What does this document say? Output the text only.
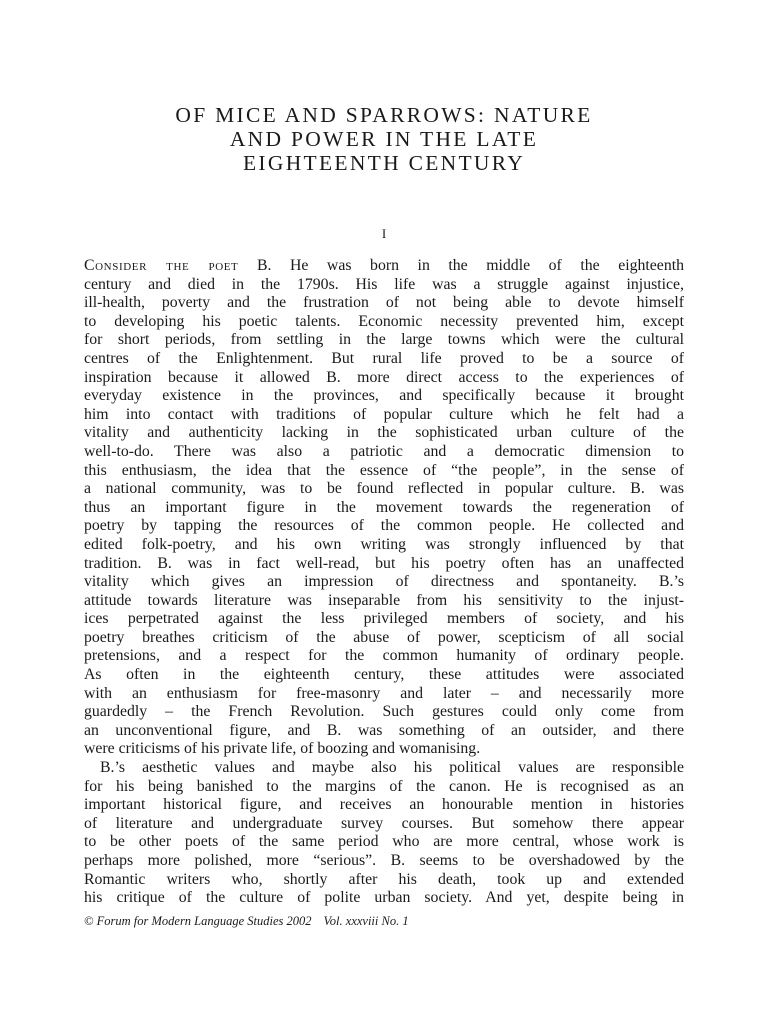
OF MICE AND SPARROWS: NATURE
AND POWER IN THE LATE
EIGHTEENTH CENTURY
I
Consider the poet B. He was born in the middle of the eighteenth
century and died in the 1790s. His life was a struggle against injustice,
ill-health, poverty and the frustration of not being able to devote himself
to developing his poetic talents. Economic necessity prevented him, except
for short periods, from settling in the large towns which were the cultural
centres of the Enlightenment. But rural life proved to be a source of
inspiration because it allowed B. more direct access to the experiences of
everyday existence in the provinces, and specifically because it brought
him into contact with traditions of popular culture which he felt had a
vitality and authenticity lacking in the sophisticated urban culture of the
well-to-do. There was also a patriotic and a democratic dimension to
this enthusiasm, the idea that the essence of “the people”, in the sense of
a national community, was to be found reflected in popular culture. B. was
thus an important figure in the movement towards the regeneration of
poetry by tapping the resources of the common people. He collected and
edited folk-poetry, and his own writing was strongly influenced by that
tradition. B. was in fact well-read, but his poetry often has an unaffected
vitality which gives an impression of directness and spontaneity. B.’s
attitude towards literature was inseparable from his sensitivity to the injust-
ices perpetrated against the less privileged members of society, and his
poetry breathes criticism of the abuse of power, scepticism of all social
pretensions, and a respect for the common humanity of ordinary people.
As often in the eighteenth century, these attitudes were associated
with an enthusiasm for free-masonry and later – and necessarily more
guardedly – the French Revolution. Such gestures could only come from
an unconventional figure, and B. was something of an outsider, and there
were criticisms of his private life, of boozing and womanising.
B.’s aesthetic values and maybe also his political values are responsible
for his being banished to the margins of the canon. He is recognised as an
important historical figure, and receives an honourable mention in histories
of literature and undergraduate survey courses. But somehow there appear
to be other poets of the same period who are more central, whose work is
perhaps more polished, more “serious”. B. seems to be overshadowed by the
Romantic writers who, shortly after his death, took up and extended
his critique of the culture of polite urban society. And yet, despite being in
© Forum for Modern Language Studies 2002 Vol. xxxviii No. 1
